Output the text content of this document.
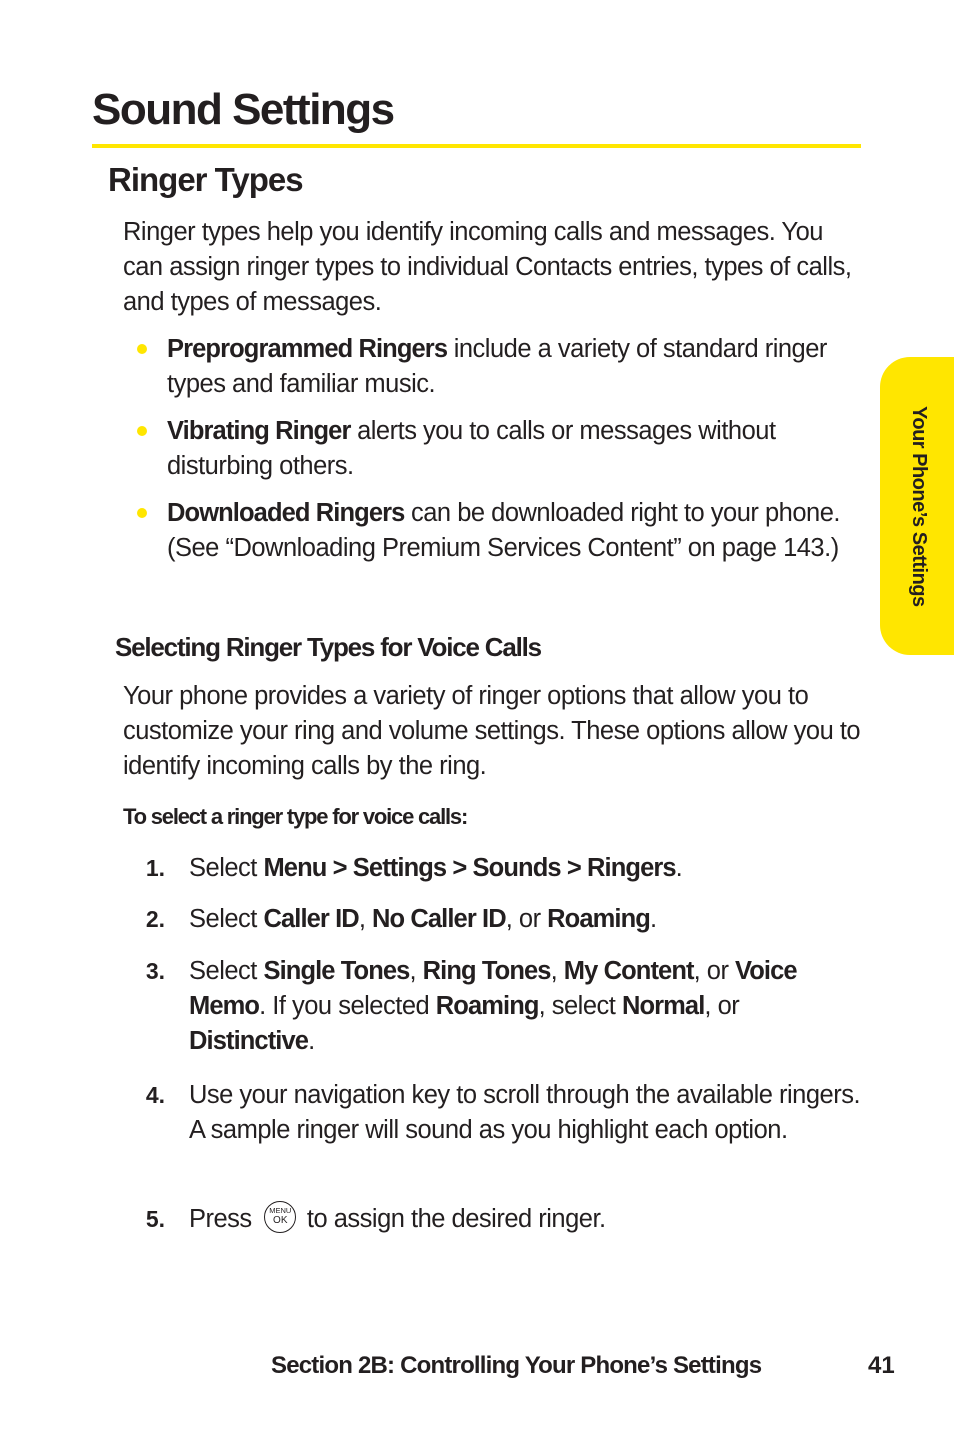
Sound Settings
Ringer Types
Ringer types help you identify incoming calls and messages. You can assign ringer types to individual Contacts entries, types of calls, and types of messages.
Preprogrammed Ringers include a variety of standard ringer types and familiar music.
Vibrating Ringer alerts you to calls or messages without disturbing others.
Downloaded Ringers can be downloaded right to your phone. (See “Downloading Premium Services Content” on page 143.)
Selecting Ringer Types for Voice Calls
Your phone provides a variety of ringer options that allow you to customize your ring and volume settings. These options allow you to identify incoming calls by the ring.
To select a ringer type for voice calls:
1. Select Menu > Settings > Sounds > Ringers.
2. Select Caller ID, No Caller ID, or Roaming.
3. Select Single Tones, Ring Tones, My Content, or Voice Memo. If you selected Roaming, select Normal, or Distinctive.
4. Use your navigation key to scroll through the available ringers. A sample ringer will sound as you highlight each option.
5. Press	MENU
OK to assign the desired ringer.
Your Phone’s Settings
Section 2B: Controlling Your Phone’s Settings	41
